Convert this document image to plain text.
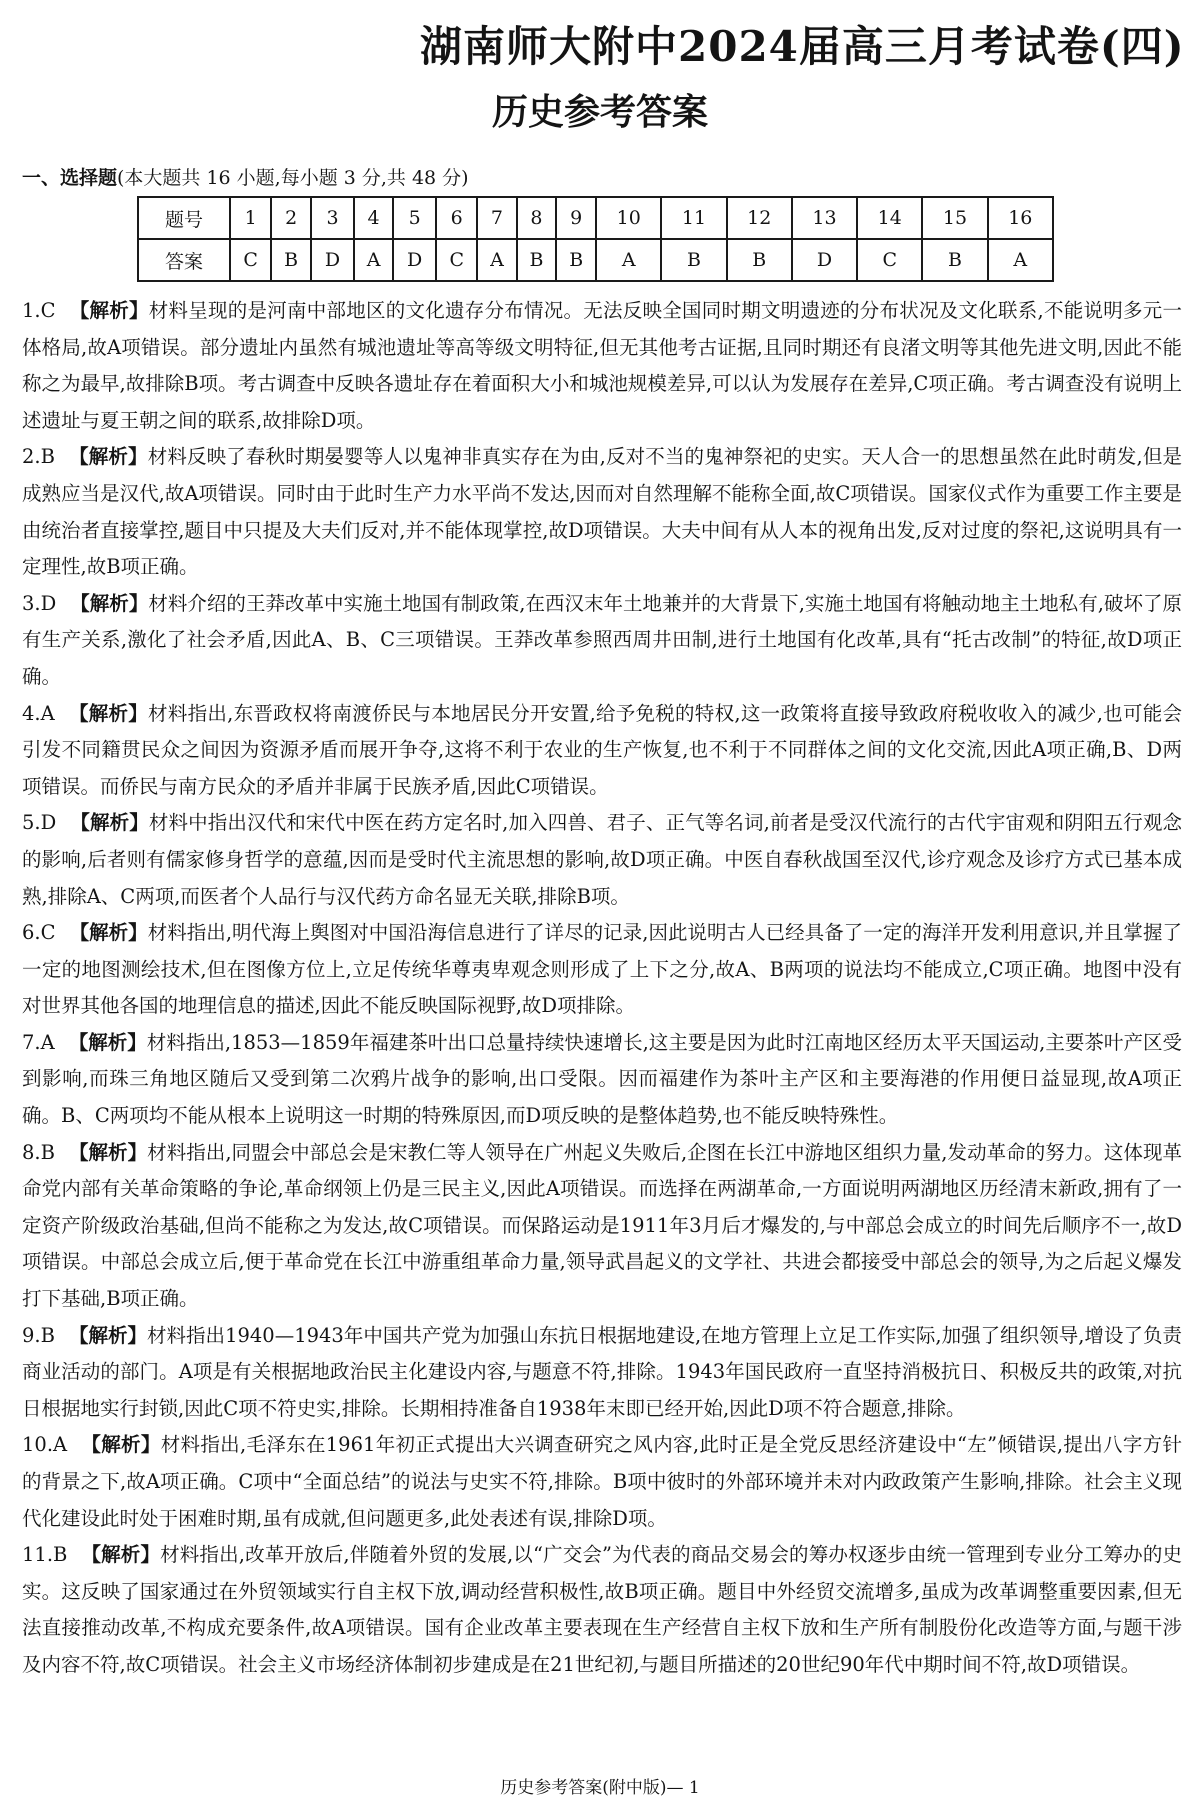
湖南师大附中2024届高三月考试卷(四)
历史参考答案
一、选择题(本大题共 16 小题,每小题 3 分,共 48 分)
题号	1	2	3	4	5	6	7	8	9	10	11	12	13	14	15	16
答案	C	B	D	A	D	C	A	B	B	A	B	B	D	C	B	A
1.C 【解析】材料呈现的是河南中部地区的文化遗存分布情况。无法反映全国同时期文明遗迹的分布状况及文化联系,不能说明多元一体格局,故A项错误。部分遗址内虽然有城池遗址等高等级文明特征,但无其他考古证据,且同时期还有良渚文明等其他先进文明,因此不能称之为最早,故排除B项。考古调查中反映各遗址存在着面积大小和城池规模差异,可以认为发展存在差异,C项正确。考古调查没有说明上述遗址与夏王朝之间的联系,故排除D项。
2.B 【解析】材料反映了春秋时期晏婴等人以鬼神非真实存在为由,反对不当的鬼神祭祀的史实。天人合一的思想虽然在此时萌发,但是成熟应当是汉代,故A项错误。同时由于此时生产力水平尚不发达,因而对自然理解不能称全面,故C项错误。国家仪式作为重要工作主要是由统治者直接掌控,题目中只提及大夫们反对,并不能体现掌控,故D项错误。大夫中间有从人本的视角出发,反对过度的祭祀,这说明具有一定理性,故B项正确。
3.D 【解析】材料介绍的王莽改革中实施土地国有制政策,在西汉末年土地兼并的大背景下,实施土地国有将触动地主土地私有,破坏了原有生产关系,激化了社会矛盾,因此A、B、C三项错误。王莽改革参照西周井田制,进行土地国有化改革,具有“托古改制”的特征,故D项正确。
4.A 【解析】材料指出,东晋政权将南渡侨民与本地居民分开安置,给予免税的特权,这一政策将直接导致政府税收收入的减少,也可能会引发不同籍贯民众之间因为资源矛盾而展开争夺,这将不利于农业的生产恢复,也不利于不同群体之间的文化交流,因此A项正确,B、D两项错误。而侨民与南方民众的矛盾并非属于民族矛盾,因此C项错误。
5.D 【解析】材料中指出汉代和宋代中医在药方定名时,加入四兽、君子、正气等名词,前者是受汉代流行的古代宇宙观和阴阳五行观念的影响,后者则有儒家修身哲学的意蕴,因而是受时代主流思想的影响,故D项正确。中医自春秋战国至汉代,诊疗观念及诊疗方式已基本成熟,排除A、C两项,而医者个人品行与汉代药方命名显无关联,排除B项。
6.C 【解析】材料指出,明代海上舆图对中国沿海信息进行了详尽的记录,因此说明古人已经具备了一定的海洋开发利用意识,并且掌握了一定的地图测绘技术,但在图像方位上,立足传统华尊夷卑观念则形成了上下之分,故A、B两项的说法均不能成立,C项正确。地图中没有对世界其他各国的地理信息的描述,因此不能反映国际视野,故D项排除。
7.A 【解析】材料指出,1853—1859年福建茶叶出口总量持续快速增长,这主要是因为此时江南地区经历太平天国运动,主要茶叶产区受到影响,而珠三角地区随后又受到第二次鸦片战争的影响,出口受限。因而福建作为茶叶主产区和主要海港的作用便日益显现,故A项正确。B、C两项均不能从根本上说明这一时期的特殊原因,而D项反映的是整体趋势,也不能反映特殊性。
8.B 【解析】材料指出,同盟会中部总会是宋教仁等人领导在广州起义失败后,企图在长江中游地区组织力量,发动革命的努力。这体现革命党内部有关革命策略的争论,革命纲领上仍是三民主义,因此A项错误。而选择在两湖革命,一方面说明两湖地区历经清末新政,拥有了一定资产阶级政治基础,但尚不能称之为发达,故C项错误。而保路运动是1911年3月后才爆发的,与中部总会成立的时间先后顺序不一,故D项错误。中部总会成立后,便于革命党在长江中游重组革命力量,领导武昌起义的文学社、共进会都接受中部总会的领导,为之后起义爆发打下基础,B项正确。
9.B 【解析】材料指出1940—1943年中国共产党为加强山东抗日根据地建设,在地方管理上立足工作实际,加强了组织领导,增设了负责商业活动的部门。A项是有关根据地政治民主化建设内容,与题意不符,排除。1943年国民政府一直坚持消极抗日、积极反共的政策,对抗日根据地实行封锁,因此C项不符史实,排除。长期相持准备自1938年末即已经开始,因此D项不符合题意,排除。
10.A 【解析】材料指出,毛泽东在1961年初正式提出大兴调查研究之风内容,此时正是全党反思经济建设中“左”倾错误,提出八字方针的背景之下,故A项正确。C项中“全面总结”的说法与史实不符,排除。B项中彼时的外部环境并未对内政政策产生影响,排除。社会主义现代化建设此时处于困难时期,虽有成就,但问题更多,此处表述有误,排除D项。
11.B 【解析】材料指出,改革开放后,伴随着外贸的发展,以“广交会”为代表的商品交易会的筹办权逐步由统一管理到专业分工筹办的史实。这反映了国家通过在外贸领域实行自主权下放,调动经营积极性,故B项正确。题目中外经贸交流增多,虽成为改革调整重要因素,但无法直接推动改革,不构成充要条件,故A项错误。国有企业改革主要表现在生产经营自主权下放和生产所有制股份化改造等方面,与题干涉及内容不符,故C项错误。社会主义市场经济体制初步建成是在21世纪初,与题目所描述的20世纪90年代中期时间不符,故D项错误。
历史参考答案(附中版)— 1
